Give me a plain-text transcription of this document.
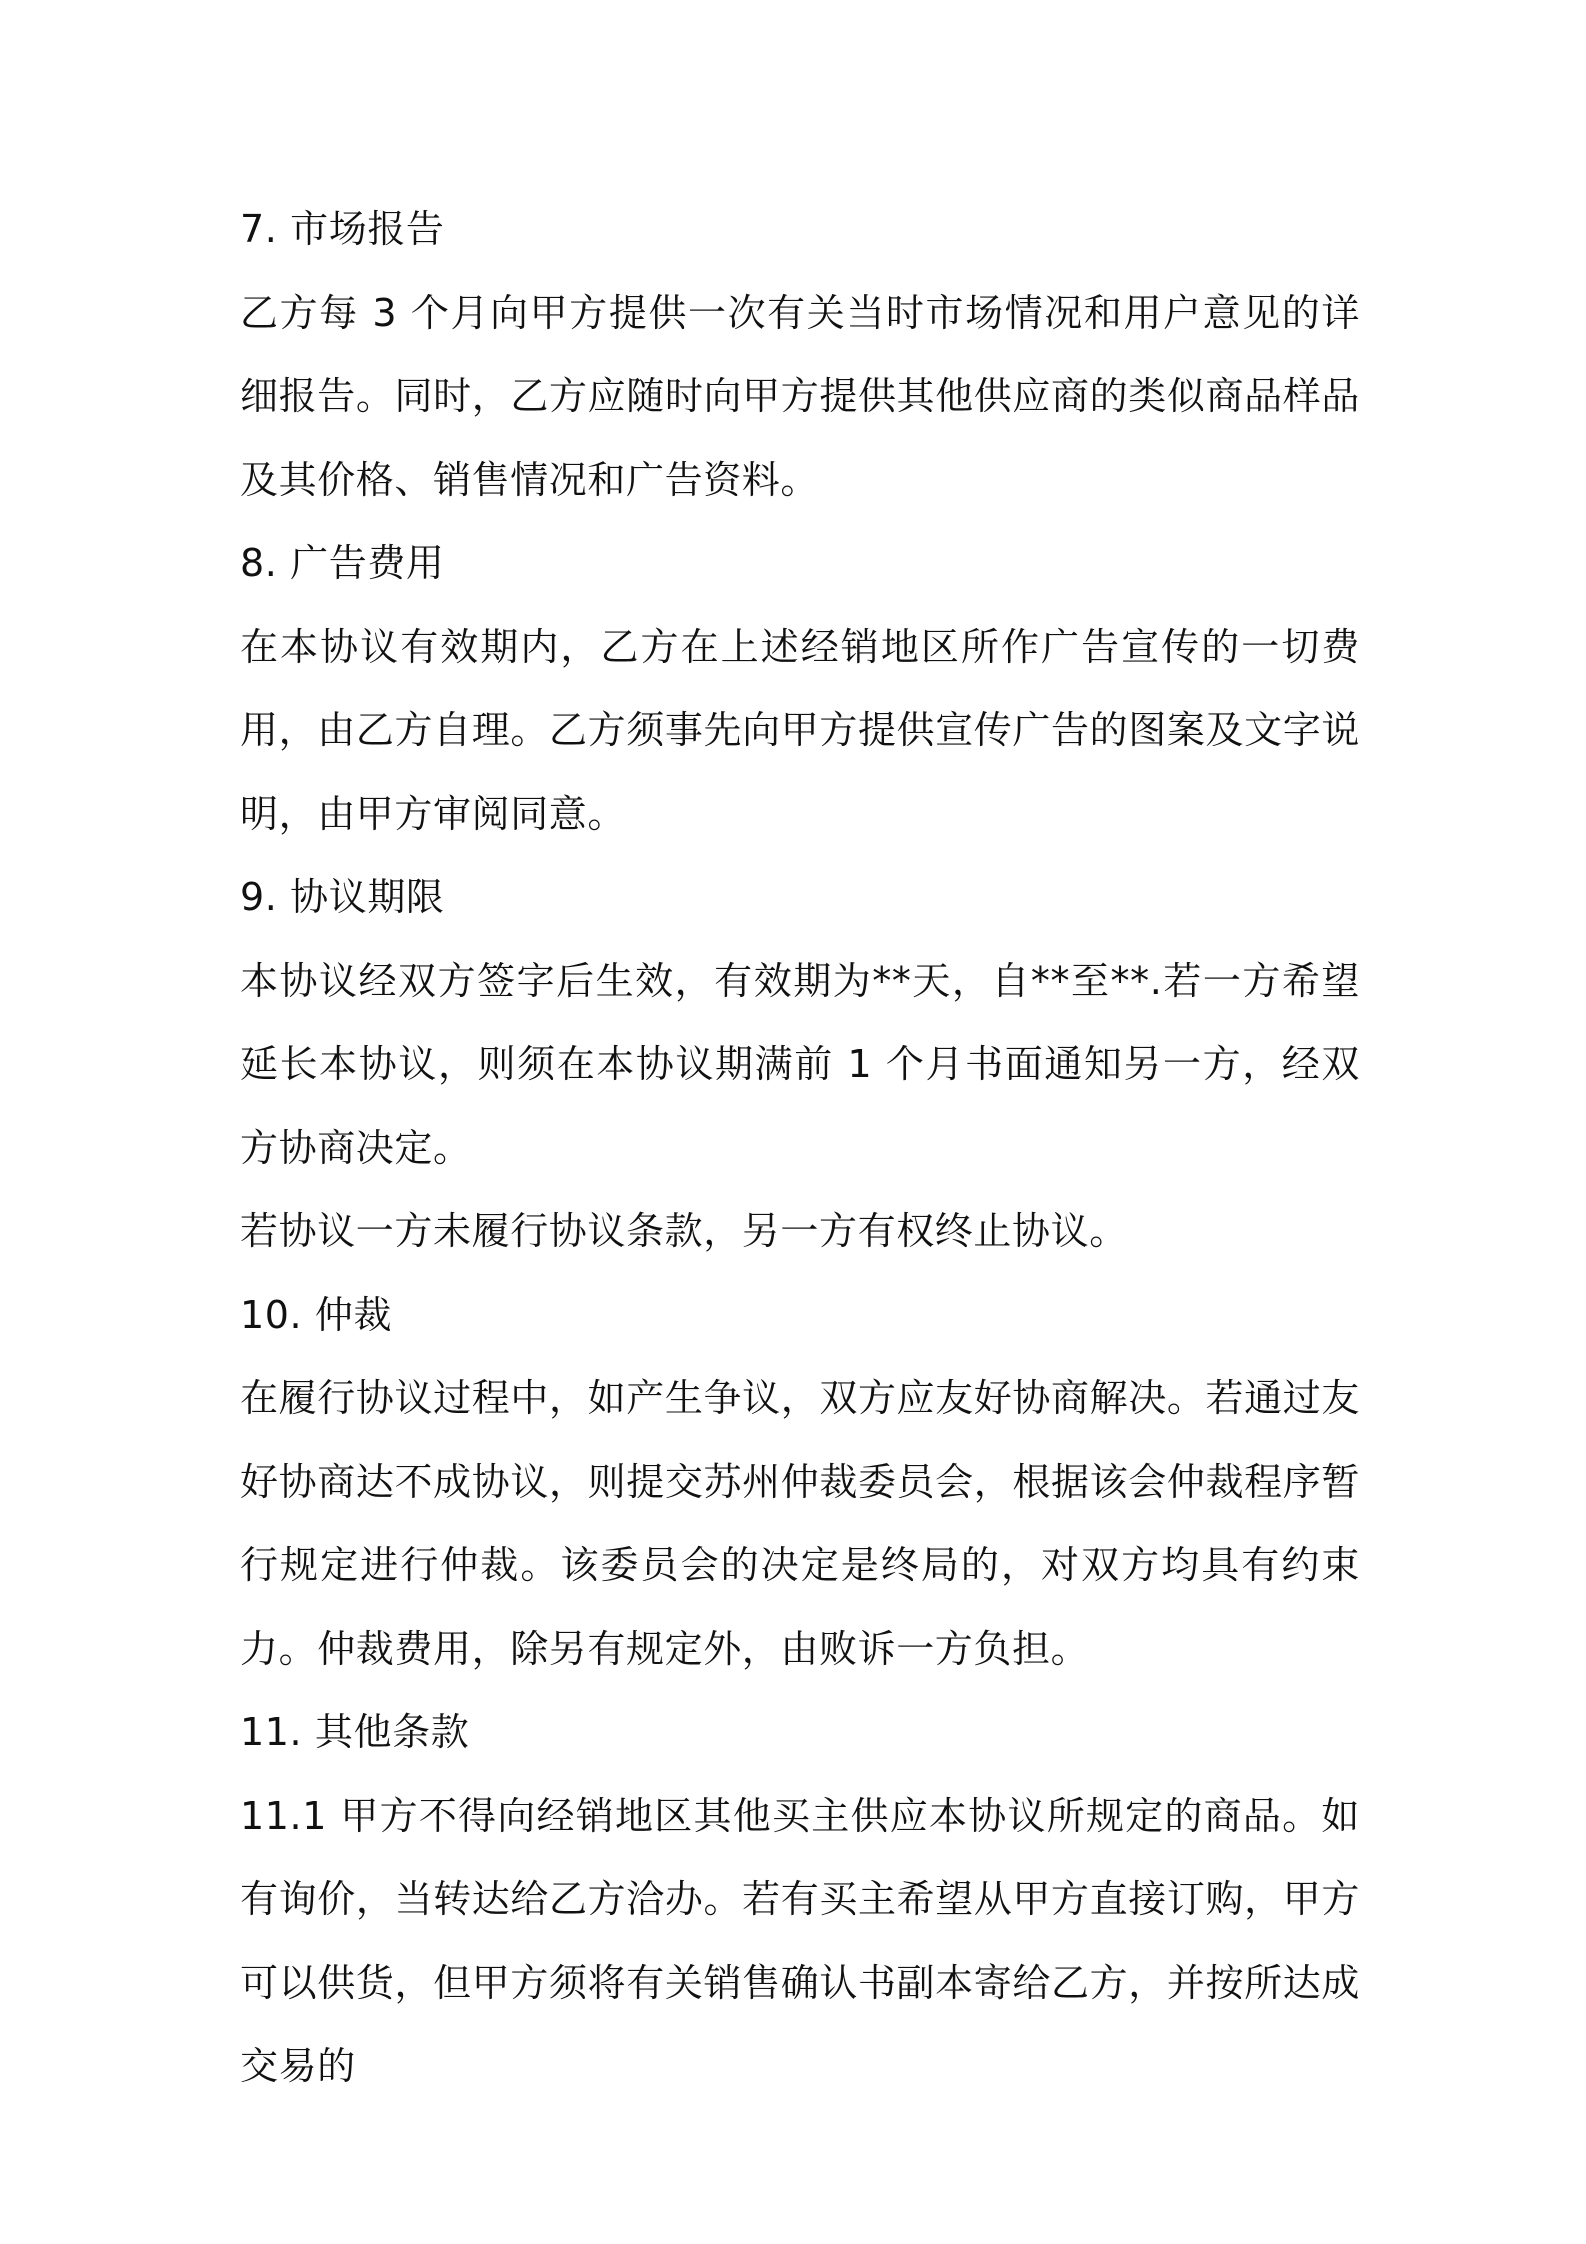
7. 市场报告

乙方每 3 个月向甲方提供一次有关当时市场情况和用户意见的详细报告。同时，乙方应随时向甲方提供其他供应商的类似商品样品及其价格、销售情况和广告资料。

8. 广告费用

在本协议有效期内，乙方在上述经销地区所作广告宣传的一切费用，由乙方自理。乙方须事先向甲方提供宣传广告的图案及文字说明，由甲方审阅同意。

9. 协议期限

本协议经双方签字后生效，有效期为**天，自**至**.若一方希望延长本协议，则须在本协议期满前 1 个月书面通知另一方，经双方协商决定。

若协议一方未履行协议条款，另一方有权终止协议。

10. 仲裁

在履行协议过程中，如产生争议，双方应友好协商解决。若通过友好协商达不成协议，则提交苏州仲裁委员会，根据该会仲裁程序暂行规定进行仲裁。该委员会的决定是终局的，对双方均具有约束力。仲裁费用，除另有规定外，由败诉一方负担。

11. 其他条款

11.1 甲方不得向经销地区其他买主供应本协议所规定的商品。如有询价，当转达给乙方洽办。若有买主希望从甲方直接订购，甲方可以供货，但甲方须将有关销售确认书副本寄给乙方，并按所达成交易的
